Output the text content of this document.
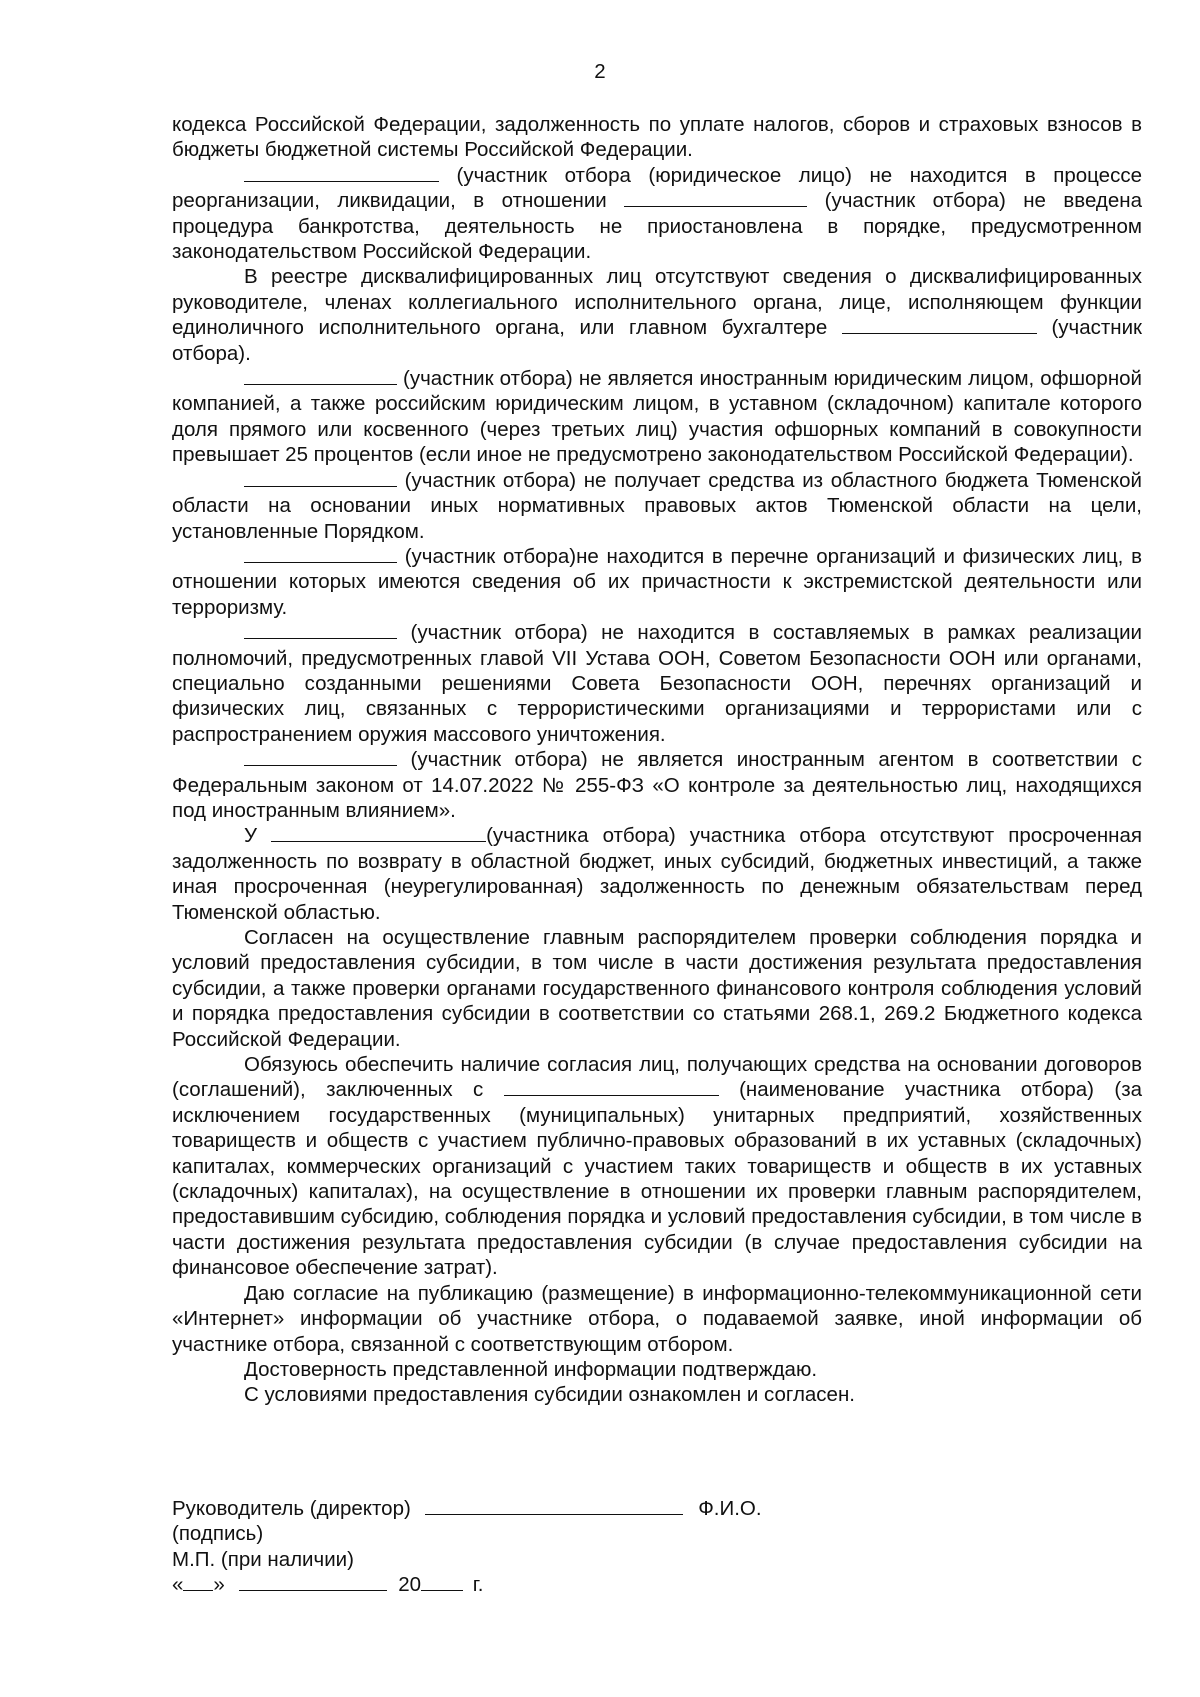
2

кодекса Российской Федерации, задолженность по уплате налогов, сборов и страховых взносов в бюджеты бюджетной системы Российской Федерации.

(участник отбора (юридическое лицо) не находится в процессе реорганизации, ликвидации, в отношении	(участник отбора) не введена процедура банкротства, деятельность не приостановлена в порядке, предусмотренном законодательством Российской Федерации.

В реестре дисквалифицированных лиц отсутствуют сведения о дисквалифицированных руководителе, членах коллегиального исполнительного органа, лице, исполняющем функции единоличного исполнительного органа, или главном бухгалтере	(участник отбора).

(участник отбора) не является иностранным юридическим лицом, офшорной компанией, а также российским юридическим лицом, в уставном (складочном) капитале которого доля прямого или косвенного (через третьих лиц) участия офшорных компаний в совокупности превышает 25 процентов (если иное не предусмотрено законодательством Российской Федерации).

(участник отбора) не получает средства из областного бюджета Тюменской области на основании иных нормативных правовых актов Тюменской области на цели, установленные Порядком.

(участник отбора)не находится в перечне организаций и физических лиц, в отношении которых имеются сведения об их причастности к экстремистской деятельности или терроризму.

(участник отбора) не находится в составляемых в рамках реализации полномочий, предусмотренных главой VII Устава ООН, Советом Безопасности ООН или органами, специально созданными решениями Совета Безопасности ООН, перечнях организаций и физических лиц, связанных с террористическими организациями и террористами или с распространением оружия массового уничтожения.

(участник отбора) не является иностранным агентом в соответствии с Федеральным законом от 14.07.2022 № 255-ФЗ «О контроле за деятельностью лиц, находящихся под иностранным влиянием».

У	(участника отбора) участника отбора отсутствуют просроченная задолженность по возврату в областной бюджет, иных субсидий, бюджетных инвестиций, а также иная просроченная (неурегулированная) задолженность по денежным обязательствам перед Тюменской областью.

Согласен на осуществление главным распорядителем проверки соблюдения порядка и условий предоставления субсидии, в том числе в части достижения результата предоставления субсидии, а также проверки органами государственного финансового контроля соблюдения условий и порядка предоставления субсидии в соответствии со статьями 268.1, 269.2 Бюджетного кодекса Российской Федерации.

Обязуюсь обеспечить наличие согласия лиц, получающих средства на основании договоров (соглашений), заключенных с	(наименование участника отбора) (за исключением государственных (муниципальных) унитарных предприятий, хозяйственных товариществ и обществ с участием публично-правовых образований в их уставных (складочных) капиталах, коммерческих организаций с участием таких товариществ и обществ в их уставных (складочных) капиталах), на осуществление в отношении их проверки главным распорядителем, предоставившим субсидию, соблюдения порядка и условий предоставления субсидии, в том числе в части достижения результата предоставления субсидии (в случае предоставления субсидии на финансовое обеспечение затрат).

Даю согласие на публикацию (размещение) в информационно-телекоммуникационной сети «Интернет» информации об участнике отбора, о подаваемой заявке, иной информации об участнике отбора, связанной с соответствующим отбором.

Достоверность представленной информации подтверждаю.

С условиями предоставления субсидии ознакомлен и согласен.

Руководитель (директор)	Ф.И.О.
(подпись)
М.П. (при наличии)
« »	20	г.
